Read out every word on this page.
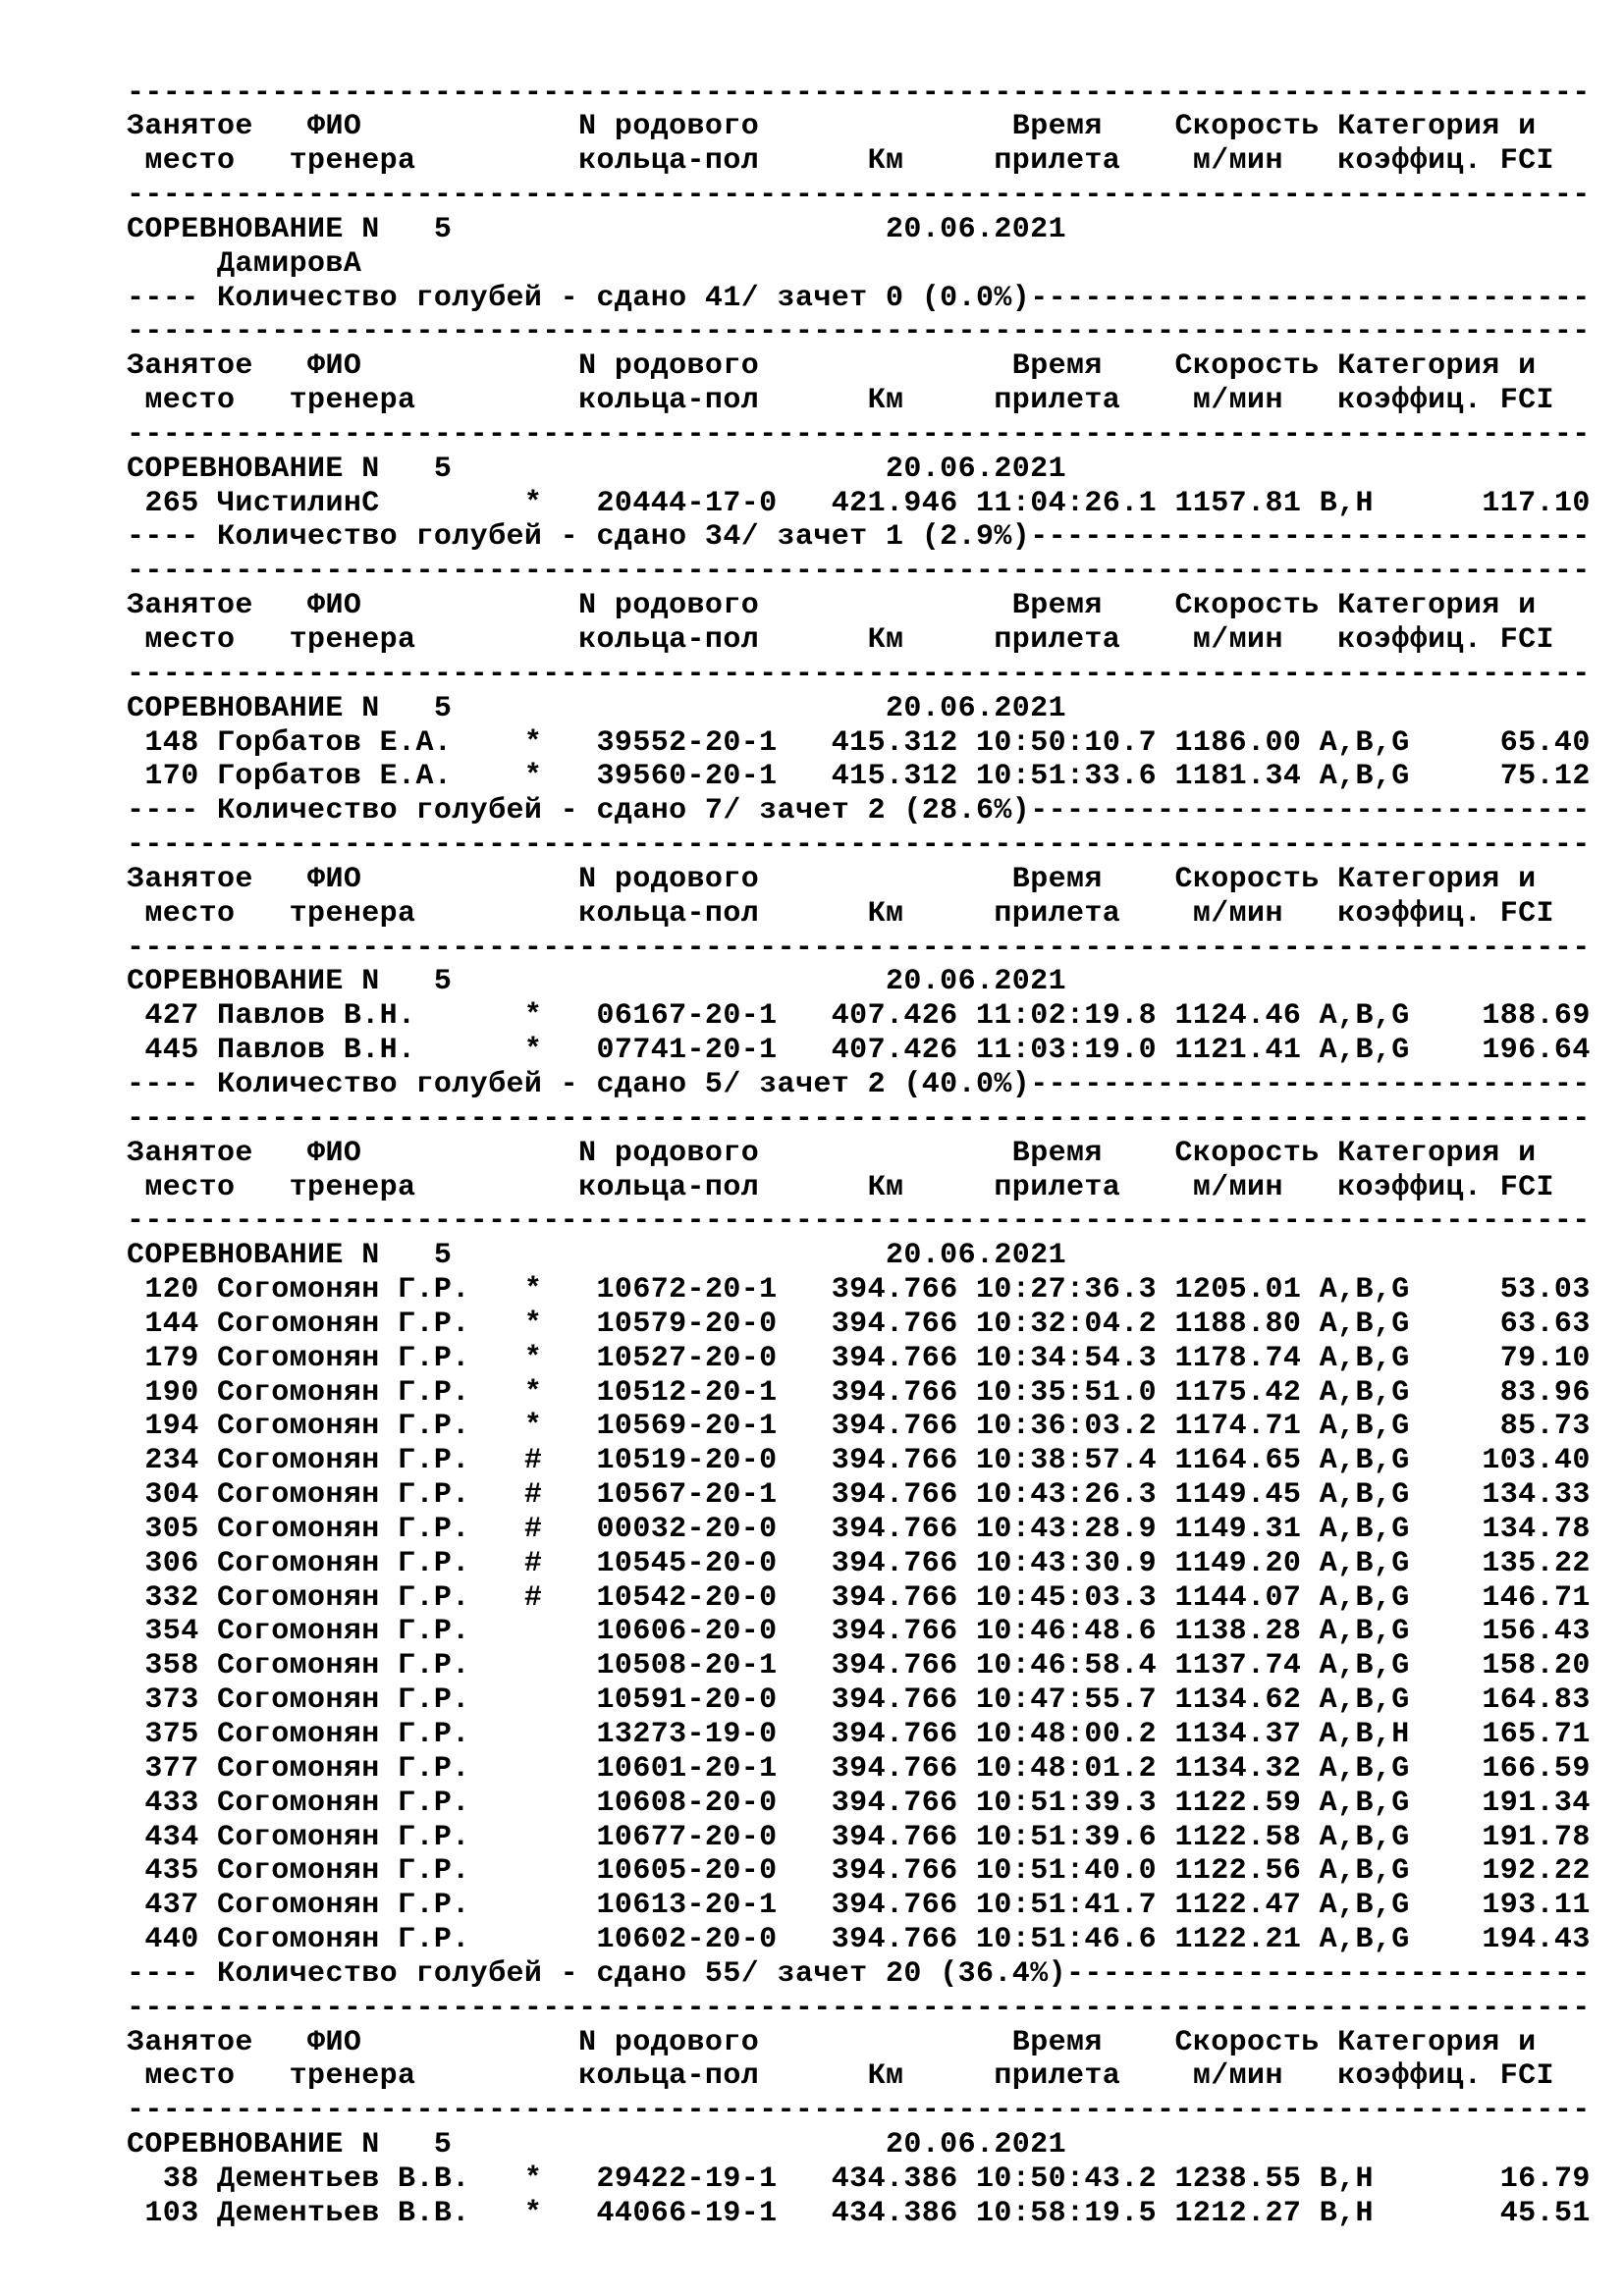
---------------------------------------------------------------------------------
Занятое ФИО	N родового	Время Скорость Категория и
место тренера	кольца-пол	Км	прилета м/мин коэффиц. FCI
---------------------------------------------------------------------------------
СОРЕВНОВАНИЕ N 5	20.06.2021
ДамировА
---- Количество голубей - сдано 41/ зачет 0 (0.0%)-------------------------------
---------------------------------------------------------------------------------
Занятое ФИО	N родового	Время Скорость Категория и
место тренера	кольца-пол	Км	прилета м/мин коэффиц. FCI
---------------------------------------------------------------------------------
СОРЕВНОВАНИЕ N 5	20.06.2021
265 ЧистилинС	* 20444-17-0 421.946 11:04:26.1 1157.81 B,H	117.10
---- Количество голубей - сдано 34/ зачет 1 (2.9%)-------------------------------
---------------------------------------------------------------------------------
Занятое ФИО	N родового	Время Скорость Категория и
место тренера	кольца-пол	Км	прилета м/мин коэффиц. FCI
---------------------------------------------------------------------------------
СОРЕВНОВАНИЕ N 5	20.06.2021
148 Горбатов Е.А. * 39552-20-1 415.312 10:50:10.7 1186.00 A,B,G	65.40
170 Горбатов Е.А. * 39560-20-1 415.312 10:51:33.6 1181.34 A,B,G	75.12
---- Количество голубей - сдано 7/ зачет 2 (28.6%)-------------------------------
---------------------------------------------------------------------------------
Занятое ФИО	N родового	Время Скорость Категория и
место тренера	кольца-пол	Км	прилета м/мин коэффиц. FCI
---------------------------------------------------------------------------------
СОРЕВНОВАНИЕ N 5	20.06.2021
427 Павлов В.Н.	* 06167-20-1 407.426 11:02:19.8 1124.46 A,B,G 188.69
445 Павлов В.Н.	* 07741-20-1 407.426 11:03:19.0 1121.41 A,B,G 196.64
---- Количество голубей - сдано 5/ зачет 2 (40.0%)-------------------------------
---------------------------------------------------------------------------------
Занятое ФИО	N родового	Время Скорость Категория и
место тренера	кольца-пол	Км	прилета м/мин коэффиц. FCI
---------------------------------------------------------------------------------
СОРЕВНОВАНИЕ N 5	20.06.2021
120 Согомонян Г.Р. * 10672-20-1 394.766 10:27:36.3 1205.01 A,B,G	53.03
144 Согомонян Г.Р. * 10579-20-0 394.766 10:32:04.2 1188.80 A,B,G	63.63
179 Согомонян Г.Р. * 10527-20-0 394.766 10:34:54.3 1178.74 A,B,G	79.10
190 Согомонян Г.Р. * 10512-20-1 394.766 10:35:51.0 1175.42 A,B,G	83.96
194 Согомонян Г.Р. * 10569-20-1 394.766 10:36:03.2 1174.71 A,B,G	85.73
234 Согомонян Г.Р. # 10519-20-0 394.766 10:38:57.4 1164.65 A,B,G 103.40
304 Согомонян Г.Р. # 10567-20-1 394.766 10:43:26.3 1149.45 A,B,G 134.33
305 Согомонян Г.Р. # 00032-20-0 394.766 10:43:28.9 1149.31 A,B,G 134.78
306 Согомонян Г.Р. # 10545-20-0 394.766 10:43:30.9 1149.20 A,B,G 135.22
332 Согомонян Г.Р. # 10542-20-0 394.766 10:45:03.3 1144.07 A,B,G 146.71
354 Согомонян Г.Р.	10606-20-0 394.766 10:46:48.6 1138.28 A,B,G 156.43
358 Согомонян Г.Р.	10508-20-1 394.766 10:46:58.4 1137.74 A,B,G 158.20
373 Согомонян Г.Р.	10591-20-0 394.766 10:47:55.7 1134.62 A,B,G 164.83
375 Согомонян Г.Р.	13273-19-0 394.766 10:48:00.2 1134.37 A,B,H 165.71
377 Согомонян Г.Р.	10601-20-1 394.766 10:48:01.2 1134.32 A,B,G 166.59
433 Согомонян Г.Р.	10608-20-0 394.766 10:51:39.3 1122.59 A,B,G 191.34
434 Согомонян Г.Р.	10677-20-0 394.766 10:51:39.6 1122.58 A,B,G 191.78
435 Согомонян Г.Р.	10605-20-0 394.766 10:51:40.0 1122.56 A,B,G 192.22
437 Согомонян Г.Р.	10613-20-1 394.766 10:51:41.7 1122.47 A,B,G 193.11
440 Согомонян Г.Р.	10602-20-0 394.766 10:51:46.6 1122.21 A,B,G 194.43
---- Количество голубей - сдано 55/ зачет 20 (36.4%)-----------------------------
---------------------------------------------------------------------------------
Занятое ФИО	N родового	Время Скорость Категория и
место тренера	кольца-пол	Км	прилета м/мин коэффиц. FCI
---------------------------------------------------------------------------------
СОРЕВНОВАНИЕ N 5	20.06.2021
38 Дементьев В.В. * 29422-19-1 434.386 10:50:43.2 1238.55 B,H	16.79
103 Дементьев В.В. * 44066-19-1 434.386 10:58:19.5 1212.27 B,H	45.51
